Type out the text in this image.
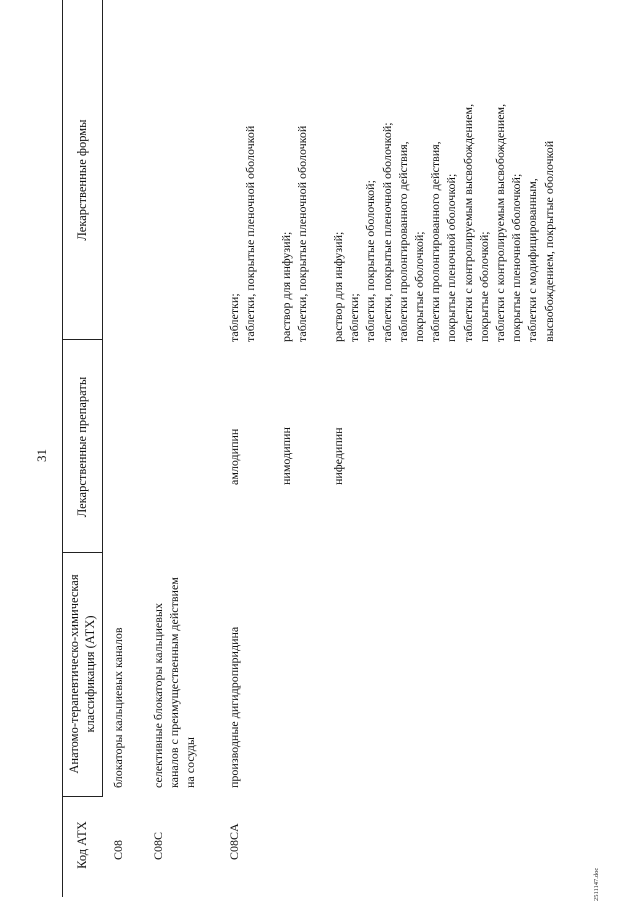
31
Код АТХ
Анатомо-терапевтическо-химическая классификация (АТХ)
Лекарственные препараты
Лекарственные формы
C08
блокаторы кальциевых каналов
C08C
селективные блокаторы кальциевых каналов с преимущественным действием на сосуды
C08CA
производные дигидропиридина
амлодипин
таблетки;
таблетки, покрытые пленочной оболочкой
нимодипин
раствор для инфузий;
таблетки, покрытые пленочной оболочкой
нифедипин
раствор для инфузий;
таблетки;
таблетки, покрытые оболочкой;
таблетки, покрытые пленочной оболочкой;
таблетки пролонгированного действия,
покрытые оболочкой;
таблетки пролонгированного действия,
покрытые пленочной оболочкой;
таблетки с контролируемым высвобождением,
покрытые оболочкой;
таблетки с контролируемым высвобождением,
покрытые пленочной оболочкой;
таблетки с модифицированным,
высвобождением, покрытые оболочкой
2511147.doc
